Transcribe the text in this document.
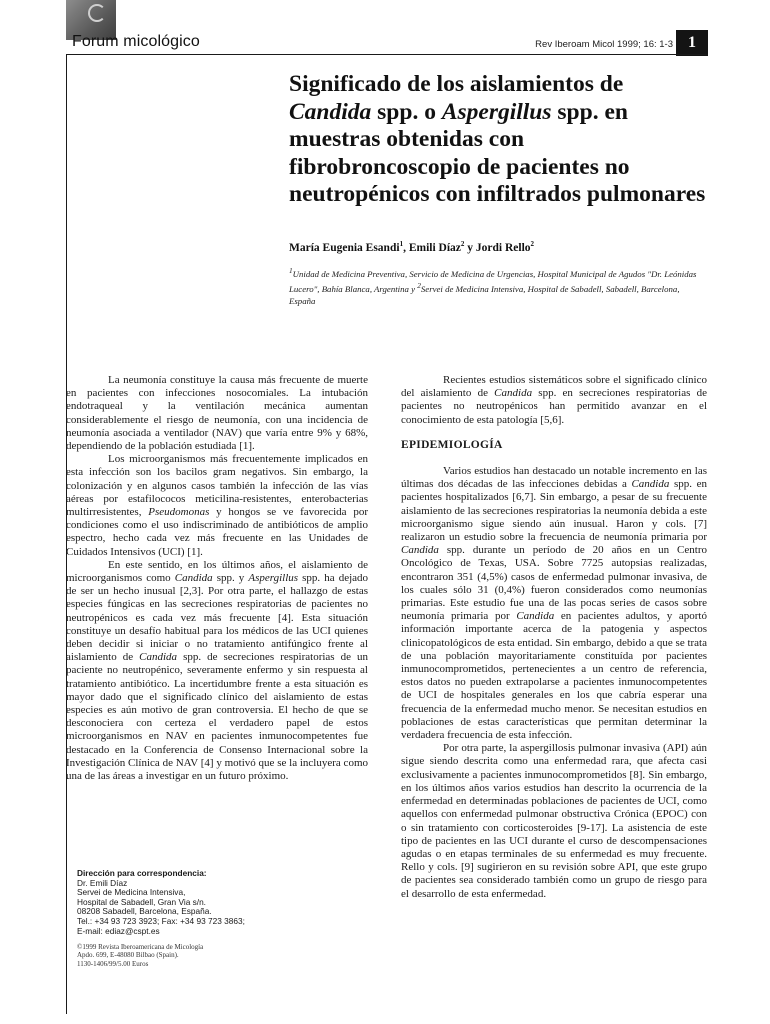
Forum micológico	Rev Iberoam Micol 1999; 16: 1-3 1
Significado de los aislamientos de Candida spp. o Aspergillus spp. en muestras obtenidas con fibrobroncoscopio de pacientes no neutropénicos con infiltrados pulmonares

María Eugenia Esandi$^1$, Emili Díaz$^2$ y Jordi Rello$^2$

$^1$Unidad de Medicina Preventiva, Servicio de Medicina de Urgencias, Hospital Municipal de Agudos "Dr. Leónidas Lucero", Bahía Blanca, Argentina y $^2$Servei de Medicina Intensiva, Hospital de Sabadell, Sabadell, Barcelona, España

La neumonía constituye la causa más frecuente de muerte en pacientes con infecciones nosocomiales. La intubación endotraqueal y la ventilación mecánica aumentan considerablemente el riesgo de neumonía, con una incidencia de neumonía asociada a ventilador (NAV) que varía entre 9% y 68%, dependiendo de la población estudiada [1].

Los microorganismos más frecuentemente implicados en esta infección son los bacilos gram negativos. Sin embargo, la colonización y en algunos casos también la infección de las vías aéreas por estafilococos meticilina-resistentes, enterobacterias multirresistentes, Pseudomonas y hongos se ve favorecida por condiciones como el uso indiscriminado de antibióticos de amplio espectro, hecho cada vez más frecuente en las Unidades de Cuidados Intensivos (UCI) [1].

En este sentido, en los últimos años, el aislamiento de microorganismos como Candida spp. y Aspergillus spp. ha dejado de ser un hecho inusual [2,3]. Por otra parte, el hallazgo de estas especies fúngicas en las secreciones respiratorias de pacientes no neutropénicos es cada vez más frecuente [4]. Esta situación constituye un desafío habitual para los médicos de las UCI quienes deben decidir si iniciar o no tratamiento antifúngico frente al aislamiento de Candida spp. de secreciones respiratorias de un paciente no neutropénico, severamente enfermo y sin respuesta al tratamiento antibiótico. La incertidumbre frente a esta situación es mayor dado que el significado clínico del aislamiento de estas especies es aún motivo de gran controversia. El hecho de que se desconociera con certeza el verdadero papel de estos microorganismos en NAV en pacientes inmunocompetentes fue destacado en la Conferencia de Consenso Internacional sobre la Investigación Clínica de NAV [4] y motivó que se la incluyera como una de las áreas a investigar en un futuro próximo.

Recientes estudios sistemáticos sobre el significado clínico del aislamiento de Candida spp. en secreciones respiratorias de pacientes no neutropénicos han permitido avanzar en el conocimiento de esta patología [5,6].

EPIDEMIOLOGÍA

Varios estudios han destacado un notable incremento en las últimas dos décadas de las infecciones debidas a Candida spp. en pacientes hospitalizados [6,7]. Sin embargo, a pesar de su frecuente aislamiento de las secreciones respiratorias la neumonía debida a este microorganismo sigue siendo aún inusual. Haron y cols. [7] realizaron un estudio sobre la frecuencia de neumonía primaria por Candida spp. durante un período de 20 años en un Centro Oncológico de Texas, USA. Sobre 7725 autopsias realizadas, encontraron 351 (4,5%) casos de enfermedad pulmonar invasiva, de los cuales sólo 31 (0,4%) fueron considerados como neumonías primarias. Este estudio fue una de las pocas series de casos sobre neumonía primaria por Candida en pacientes adultos, y aportó información importante acerca de la patogenia y aspectos clinicopatológicos de esta entidad. Sin embargo, debido a que se trata de una población mayoritariamente constituída por pacientes inmunocomprometidos, pertenecientes a un centro de referencia, estos datos no pueden extrapolarse a pacientes inmunocompetentes de UCI de hospitales generales en los que cabría esperar una frecuencia de la enfermedad mucho menor. Se necesitan estudios en poblaciones de estas características que permitan determinar la verdadera frecuencia de esta infección.

Por otra parte, la aspergillosis pulmonar invasiva (API) aún sigue siendo descrita como una enfermedad rara, que afecta casi exclusivamente a pacientes inmunocomprometidos [8]. Sin embargo, en los últimos años varios estudios han descrito la ocurrencia de la enfermedad en determinadas poblaciones de pacientes de UCI, como aquellos con enfermedad pulmonar obstructiva Crónica (EPOC) con o sin tratamiento con corticosteroides [9-17]. La asistencia de este tipo de pacientes en las UCI durante el curso de descompensaciones agudas o en etapas terminales de su enfermedad es muy frecuente. Rello y cols. [9] sugirieron en su revisión sobre API, que este grupo de pacientes sea considerado también como un grupo de riesgo para el desarrollo de esta enfermedad.

Dirección para correspondencia:
Dr. Emili Díaz
Servei de Medicina Intensiva,
Hospital de Sabadell, Gran Via s/n.
08208 Sabadell, Barcelona, España.
Tel.: +34 93 723 3923; Fax: +34 93 723 3863;
E-mail: ediaz@cspt.es
©1999 Revista Iberoamericana de Micología
Apdo. 699, E-48080 Bilbao (Spain).
1130-1406/99/5.00 Euros
